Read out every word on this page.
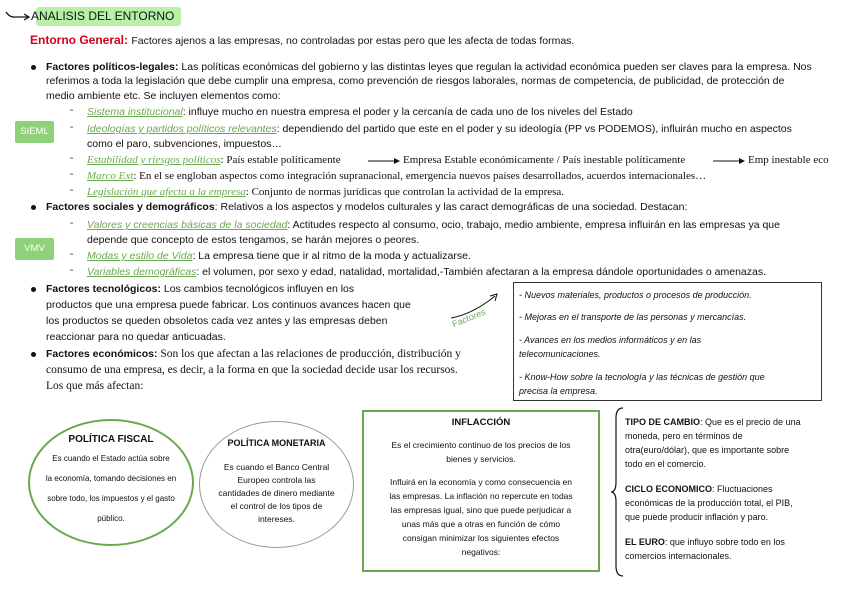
ANALISIS DEL ENTORNO
Entorno General: Factores ajenos a las empresas, no controladas por estas pero que les afecta de todas formas.
Factores políticos-legales: Las políticas económicas del gobierno y las distintas leyes que regulan la actividad económica pueden ser claves para la empresa. Nos
referimos a toda la legislación que debe cumplir una empresa, como prevención de riesgos laborales, normas de competencia, de publicidad, de protección de
medio ambiente etc. Se incluyen elementos como:
SIEML
- Sistema institucional: influye mucho en nuestra empresa el poder y la cercanía de cada uno de los niveles del Estado
- Ideologías y partidos políticos relevantes: dependiendo del partido que este en el poder y su ideología (PP vs PODEMOS), influirán mucho en aspectos
como el paro, subvenciones, impuestos…
- Estabilidad y riesgos políticos: País estable políticamente	Empresa Estable económicamente / País inestable políticamente	Emp inestable eco
- Marco Ext: En el se engloban aspectos como integración supranacional, emergencia nuevos países desarrollados, acuerdos internacionales…
- Legislación que afecta a la empresa: Conjunto de normas jurídicas que controlan la actividad de la empresa.
Factores sociales y demográficos: Relativos a los aspectos y modelos culturales y las caract demográficas de una sociedad. Destacan:
VMV
- Valores y creencias básicas de la sociedad: Actitudes respecto al consumo, ocio, trabajo, medio ambiente, empresa influirán en las empresas ya que
depende que concepto de estos tengamos, se harán mejores o peores.
- Modas y estilo de Vida: La empresa tiene que ir al ritmo de la moda y actualizarse.
- Variables demográficas: el volumen, por sexo y edad, natalidad, mortalidad,-También afectaran a la empresa dándole oportunidades o amenazas.
Factores tecnológicos: Los cambios tecnológicos influyen en los
productos que una empresa puede fabricar. Los continuos avances hacen que
los productos se queden obsoletos cada vez antes y las empresas deben
reaccionar para no quedar anticuadas.
Factores
- Nuevos materiales, productos o procesos de producción.
- Mejoras en el transporte de las personas y mercancías.
- Avances en los medios informáticos y en las
telecomunicaciones.
- Know-How sobre la tecnología y las técnicas de gestión que
precisa la empresa.
Factores económicos: Son los que afectan a las relaciones de producción, distribución y
consumo de una empresa, es decir, a la forma en que la sociedad decide usar los recursos.
Los que más afectan:
POLÍTICA FISCAL
Es cuando el Estado actúa sobre
la economía, tomando decisiones en
sobre todo, los impuestos y el gasto
público.
POLÍTICA MONETARIA
Es cuando el Banco Central
Europeo controla las
cantidades de dinero mediante
el control de los tipos de
intereses.
INFLACCIÓN
Es el crecimiento continuo de los precios de los
bienes y servicios.
Influirá en la economía y como consecuencia en
las empresas. La inflación no repercute en todas
las empresas igual, sino que puede perjudicar a
unas más que a otras en función de cómo
consigan minimizar los siguientes efectos
negativos:
TIPO DE CAMBIO: Que es el precio de una
moneda, pero en términos de
otra(euro/dólar), que es importante sobre
todo en el comercio.
CICLO ECONOMICO: Fluctuaciones
económicas de la producción total, el PIB,
que puede producir inflación y paro.
EL EURO: que influyo sobre todo en los
comercios internacionales.
